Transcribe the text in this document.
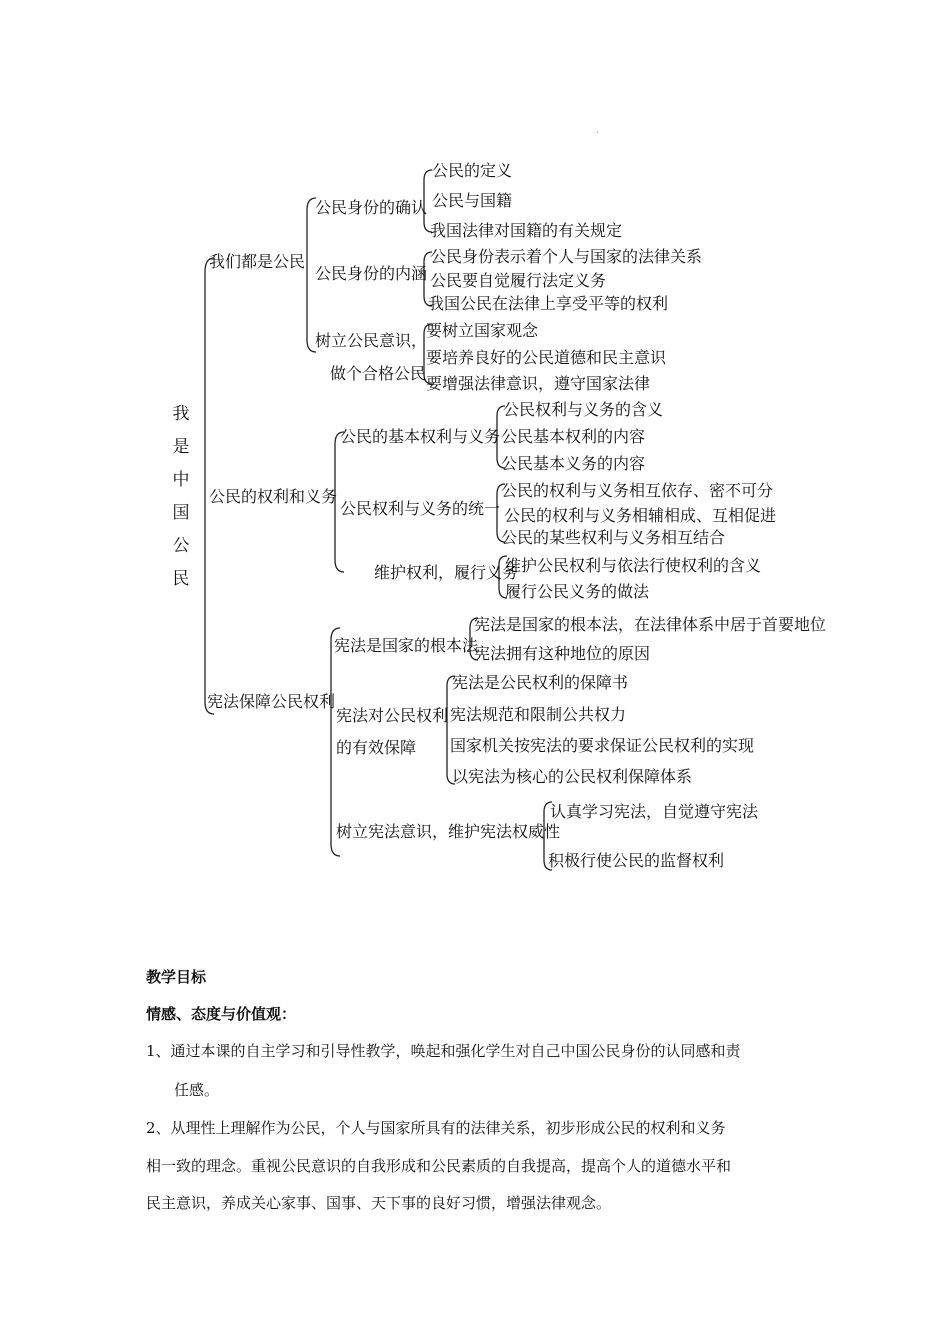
.
我
是
中
国
公
民
我们都是公民
公民身份的确认
公民的定义
公民与国籍
我国法律对国籍的有关规定
公民身份的内涵
公民身份表示着个人与国家的法律关系
公民要自觉履行法定义务
我国公民在法律上享受平等的权利
树立公民意识，
做个合格公民
要树立国家观念
要培养良好的公民道德和民主意识
要增强法律意识，遵守国家法律
公民的权利和义务
公民的基本权利与义务
公民权利与义务的含义
公民基本权利的内容
公民基本义务的内容
公民权利与义务的统一
公民的权利与义务相互依存、密不可分
公民的权利与义务相辅相成、互相促进
公民的某些权利与义务相互结合
维护权利，履行义务
维护公民权利与依法行使权利的含义
履行公民义务的做法
宪法保障公民权利
宪法是国家的根本法
宪法是国家的根本法，在法律体系中居于首要地位
宪法拥有这种地位的原因
宪法对公民权利
的有效保障
宪法是公民权利的保障书
宪法规范和限制公共权力
国家机关按宪法的要求保证公民权利的实现
以宪法为核心的公民权利保障体系
树立宪法意识，维护宪法权威性
认真学习宪法，自觉遵守宪法
积极行使公民的监督权利
教学目标
情感、态度与价值观：
1、通过本课的自主学习和引导性教学，唤起和强化学生对自己中国公民身份的认同感和责
任感。
2、从理性上理解作为公民，个人与国家所具有的法律关系，初步形成公民的权利和义务
相一致的理念。重视公民意识的自我形成和公民素质的自我提高，提高个人的道德水平和
民主意识，养成关心家事、国事、天下事的良好习惯，增强法律观念。
